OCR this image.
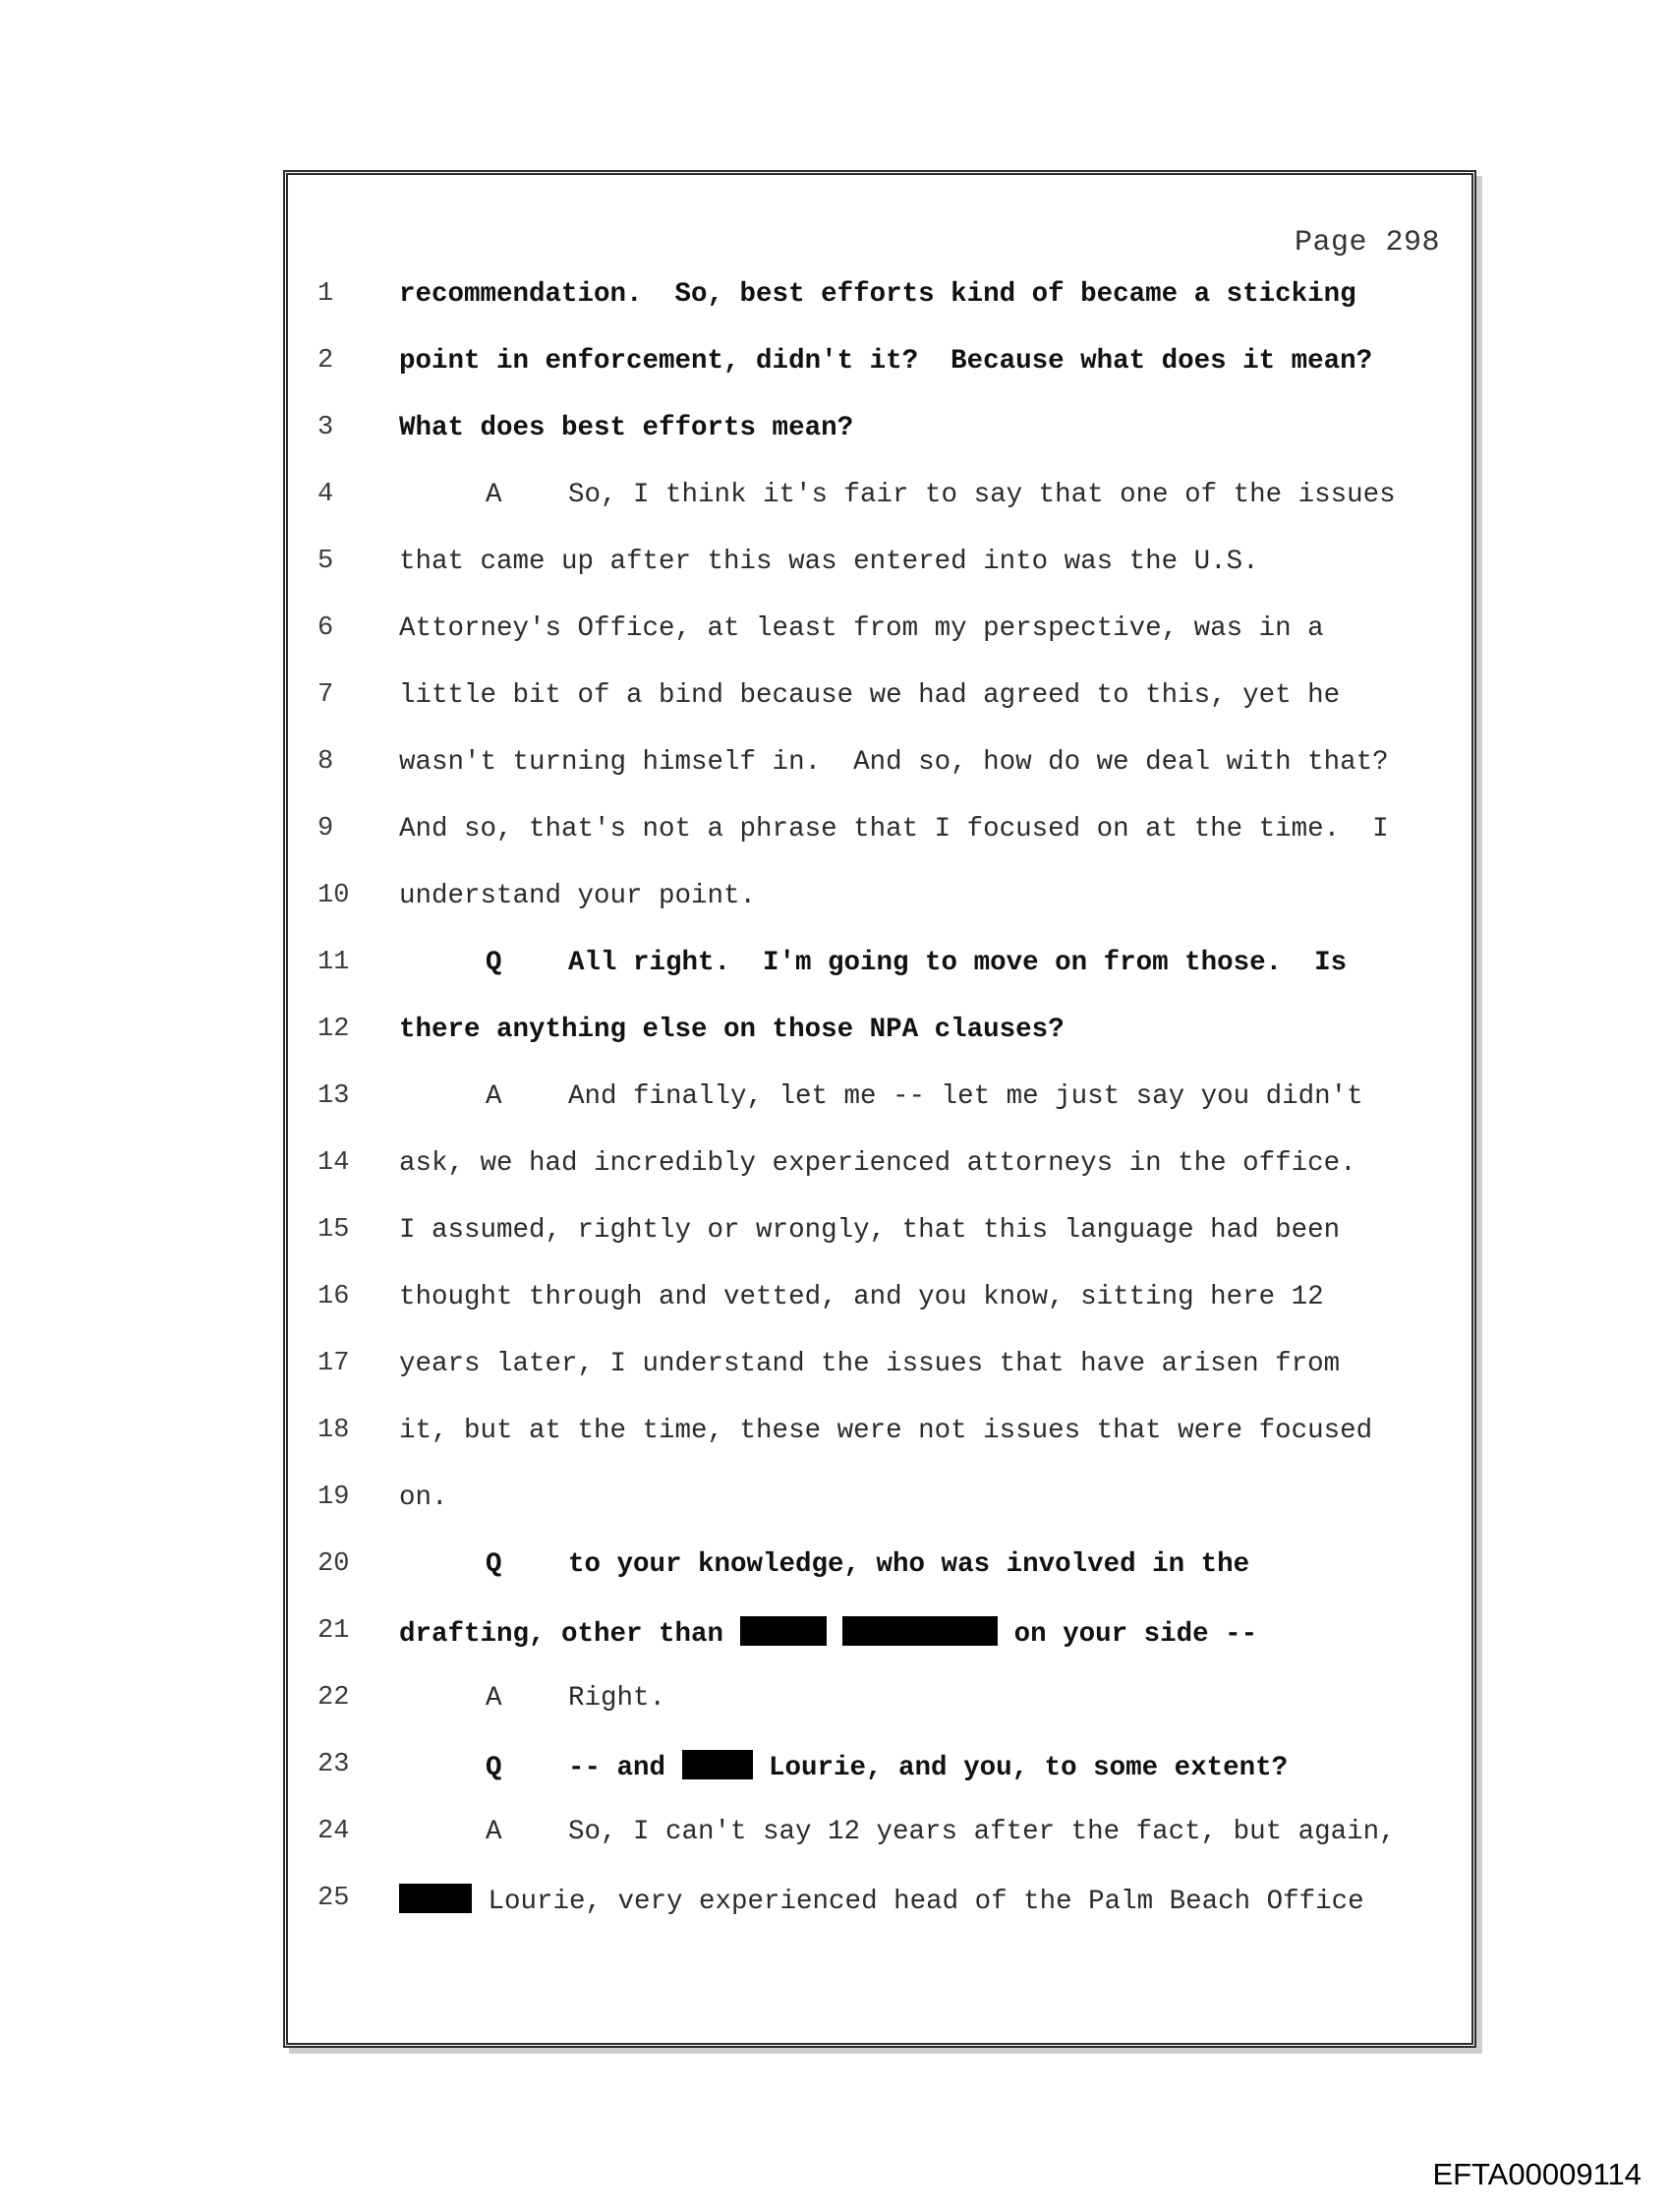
Page 298
1	recommendation.  So, best efforts kind of became a sticking
2	point in enforcement, didn't it?  Because what does it mean?
3	What does best efforts mean?
4	A So, I think it's fair to say that one of the issues
5	that came up after this was entered into was the U.S.
6	Attorney's Office, at least from my perspective, was in a
7	little bit of a bind because we had agreed to this, yet he
8	wasn't turning himself in.  And so, how do we deal with that?
9	And so, that's not a phrase that I focused on at the time.  I
10	understand your point.
11	Q All right.  I'm going to move on from those.  Is
12	there anything else on those NPA clauses?
13	A And finally, let me -- let me just say you didn't
14	ask, we had incredibly experienced attorneys in the office.
15	I assumed, rightly or wrongly, that this language had been
16	thought through and vetted, and you know, sitting here 12
17	years later, I understand the issues that have arisen from
18	it, but at the time, these were not issues that were focused
19	on.
20	Q to your knowledge, who was involved in the
21	drafting, other than	on your side --
22	A Right.
23	Q -- and	Lourie, and you, to some extent?
24	A So, I can't say 12 years after the fact, but again,
25	Lourie, very experienced head of the Palm Beach Office
EFTA00009114
